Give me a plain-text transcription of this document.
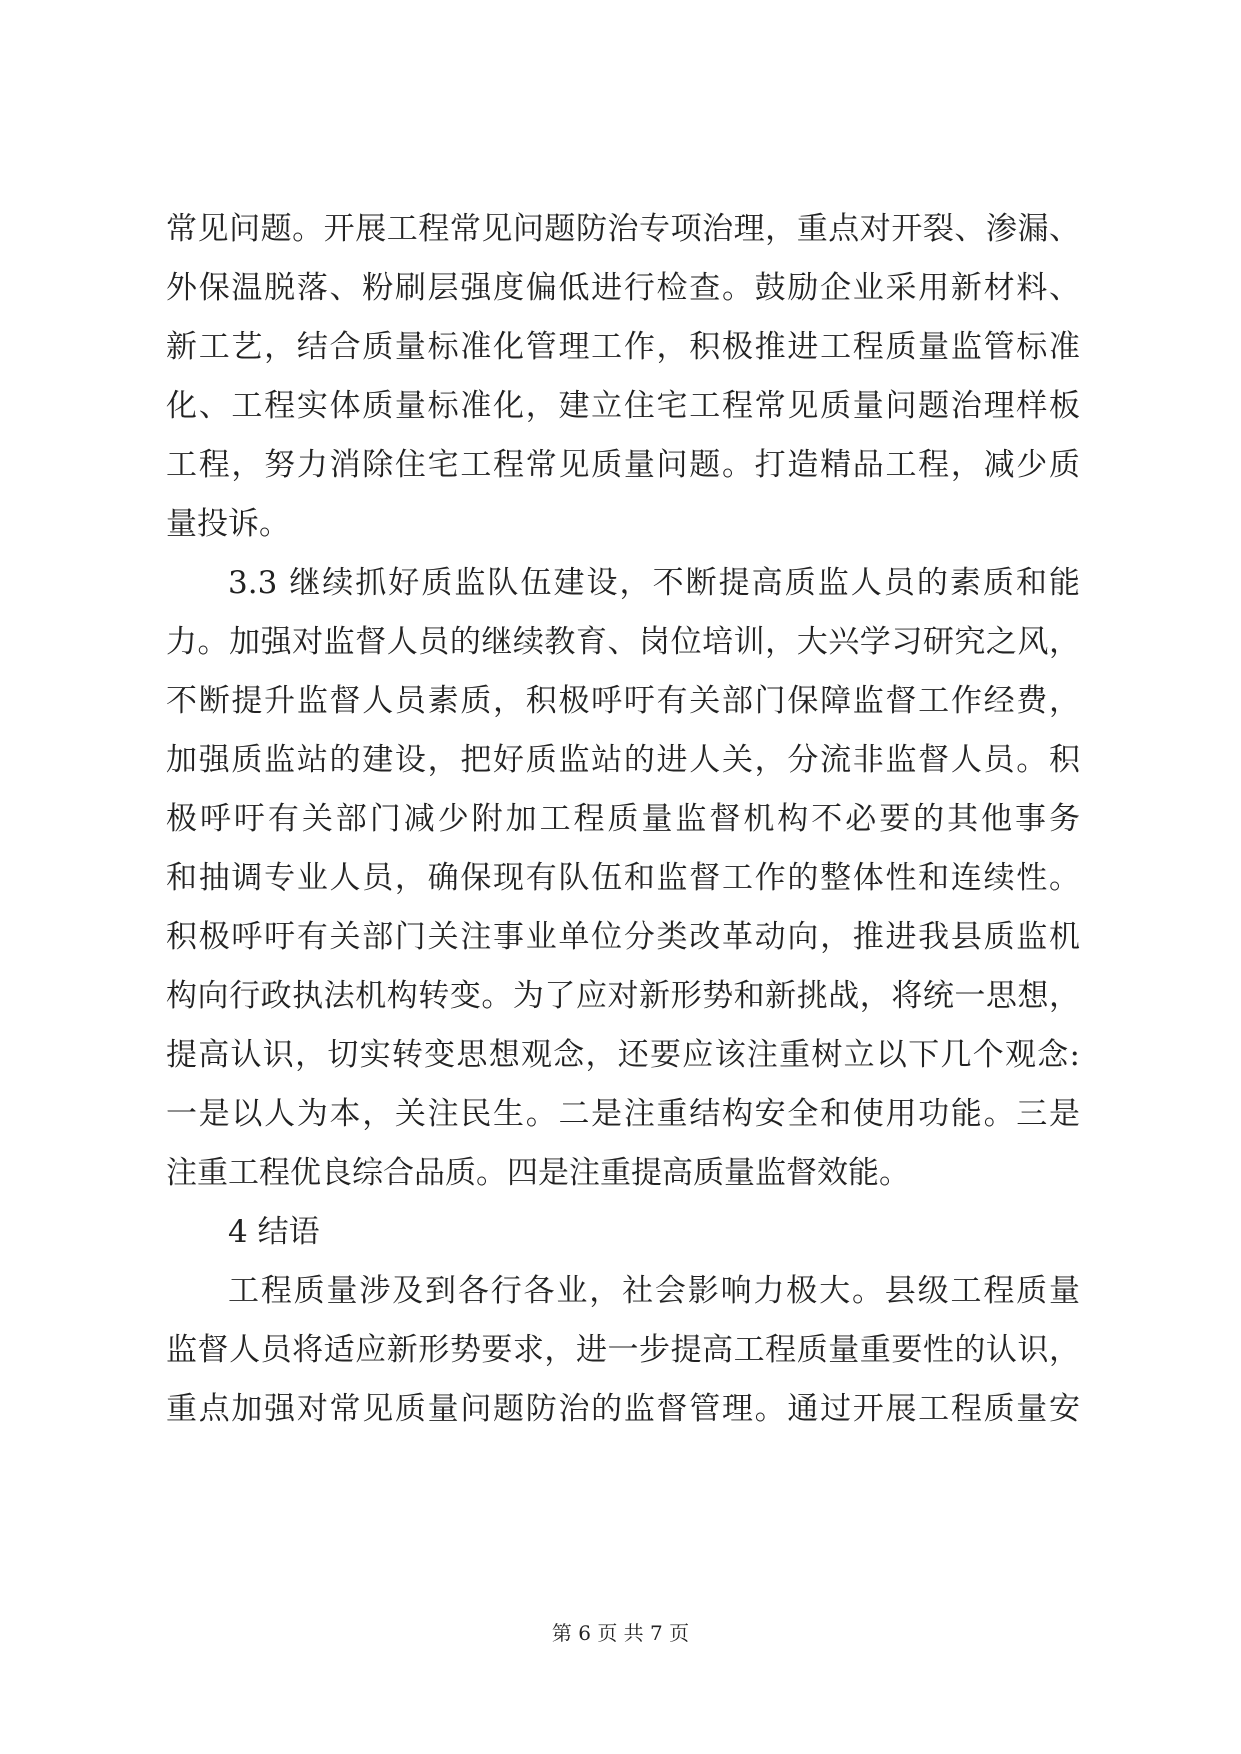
常见问题。开展工程常见问题防治专项治理，重点对开裂、渗漏、
外保温脱落、粉刷层强度偏低进行检查。鼓励企业采用新材料、
新工艺，结合质量标准化管理工作，积极推进工程质量监管标准
化、工程实体质量标准化，建立住宅工程常见质量问题治理样板
工程，努力消除住宅工程常见质量问题。打造精品工程，减少质
量投诉。
3.3 继续抓好质监队伍建设，不断提高质监人员的素质和能
力。加强对监督人员的继续教育、岗位培训，大兴学习研究之风，
不断提升监督人员素质，积极呼吁有关部门保障监督工作经费，
加强质监站的建设，把好质监站的进人关，分流非监督人员。积
极呼吁有关部门减少附加工程质量监督机构不必要的其他事务
和抽调专业人员，确保现有队伍和监督工作的整体性和连续性。
积极呼吁有关部门关注事业单位分类改革动向，推进我县质监机
构向行政执法机构转变。为了应对新形势和新挑战，将统一思想，
提高认识，切实转变思想观念，还要应该注重树立以下几个观念:
一是以人为本，关注民生。二是注重结构安全和使用功能。三是
注重工程优良综合品质。四是注重提高质量监督效能。
4 结语
工程质量涉及到各行各业，社会影响力极大。县级工程质量
监督人员将适应新形势要求，进一步提高工程质量重要性的认识，
重点加强对常见质量问题防治的监督管理。通过开展工程质量安
第 6 页 共 7 页
